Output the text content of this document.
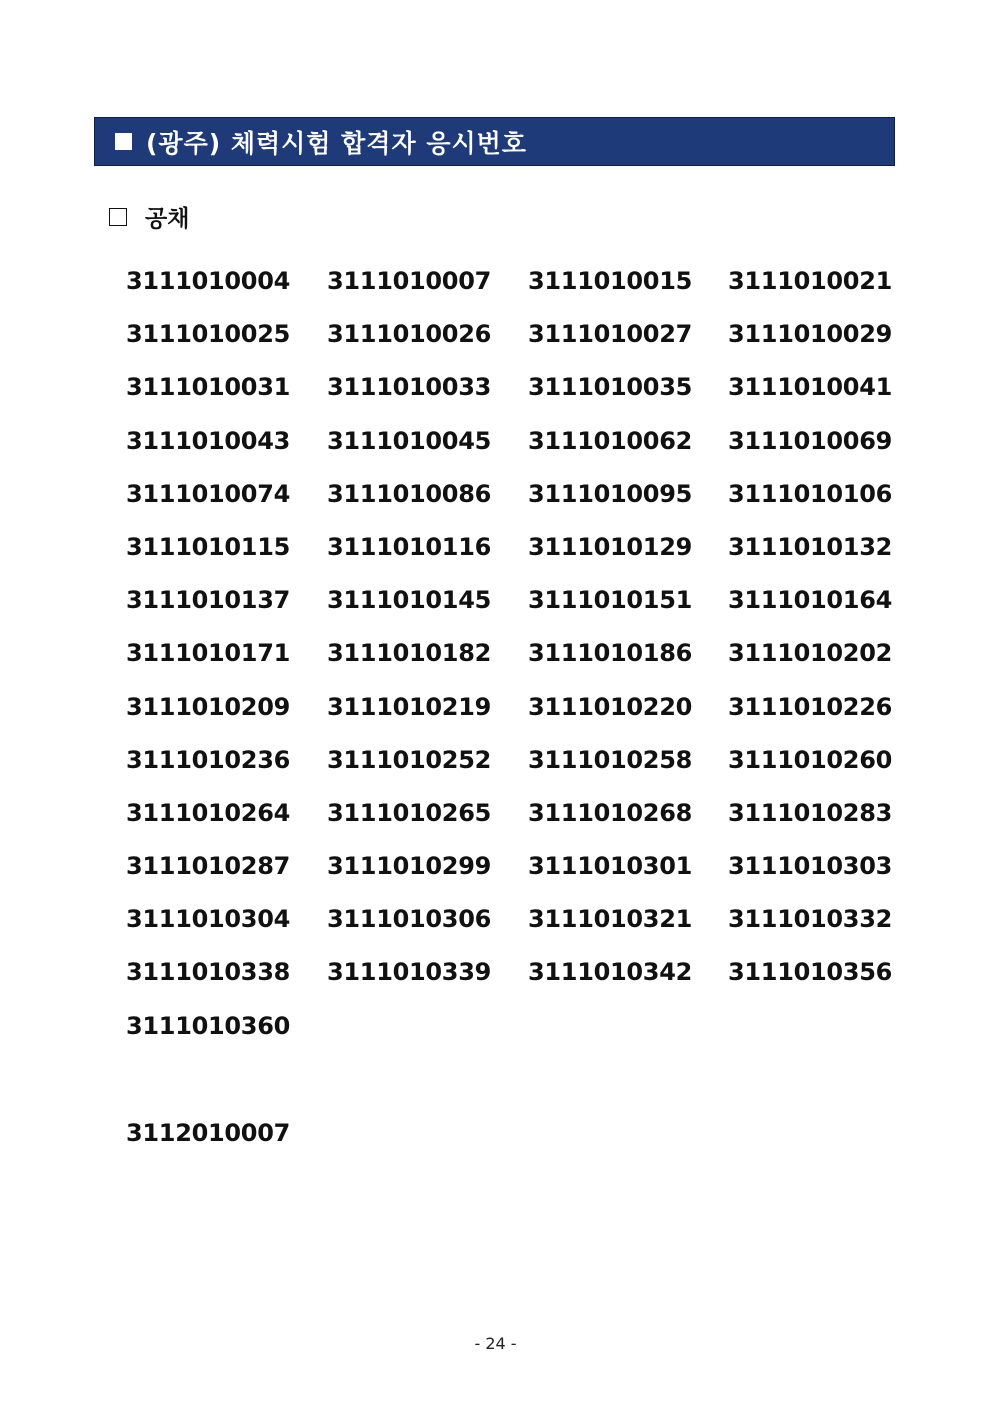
(광주) 체력시험 합격자 응시번호
공채
3111010004	3111010007	3111010015	3111010021
3111010025	3111010026	3111010027	3111010029
3111010031	3111010033	3111010035	3111010041
3111010043	3111010045	3111010062	3111010069
3111010074	3111010086	3111010095	3111010106
3111010115	3111010116	3111010129	3111010132
3111010137	3111010145	3111010151	3111010164
3111010171	3111010182	3111010186	3111010202
3111010209	3111010219	3111010220	3111010226
3111010236	3111010252	3111010258	3111010260
3111010264	3111010265	3111010268	3111010283
3111010287	3111010299	3111010301	3111010303
3111010304	3111010306	3111010321	3111010332
3111010338	3111010339	3111010342	3111010356
3111010360
3112010007
- 24 -
